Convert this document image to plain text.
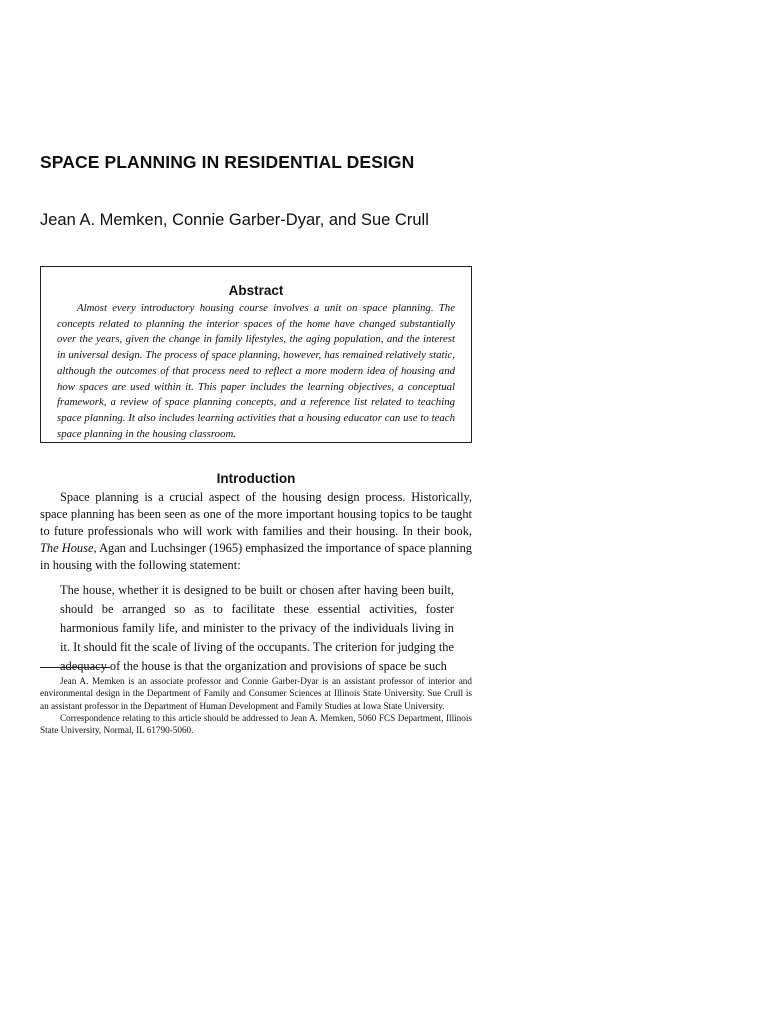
SPACE PLANNING IN RESIDENTIAL DESIGN

Jean A. Memken, Connie Garber-Dyar, and Sue Crull

Abstract

Almost every introductory housing course involves a unit on space planning. The concepts related to planning the interior spaces of the home have changed substantially over the years, given the change in family lifestyles, the aging population, and the interest in universal design. The process of space planning, however, has remained relatively static, although the outcomes of that process need to reflect a more modern idea of housing and how spaces are used within it. This paper includes the learning objectives, a conceptual framework, a review of space planning concepts, and a reference list related to teaching space planning. It also includes learning activities that a housing educator can use to teach space planning in the housing classroom.

Introduction

Space planning is a crucial aspect of the housing design process. Historically, space planning has been seen as one of the more important housing topics to be taught to future professionals who will work with families and their housing. In their book, The House, Agan and Luchsinger (1965) emphasized the importance of space planning in housing with the following statement:

The house, whether it is designed to be built or chosen after having been built, should be arranged so as to facilitate these essential activities, foster harmonious family life, and minister to the privacy of the individuals living in it. It should fit the scale of living of the occupants. The criterion for judging the adequacy of the house is that the organization and provisions of space be such

Jean A. Memken is an associate professor and Connie Garber-Dyar is an assistant professor of interior and environmental design in the Department of Family and Consumer Sciences at Illinois State University. Sue Crull is an assistant professor in the Department of Human Development and Family Studies at Iowa State University.

Correspondence relating to this article should be addressed to Jean A. Memken, 5060 FCS Department, Illinois State University, Normal, IL 61790-5060.
